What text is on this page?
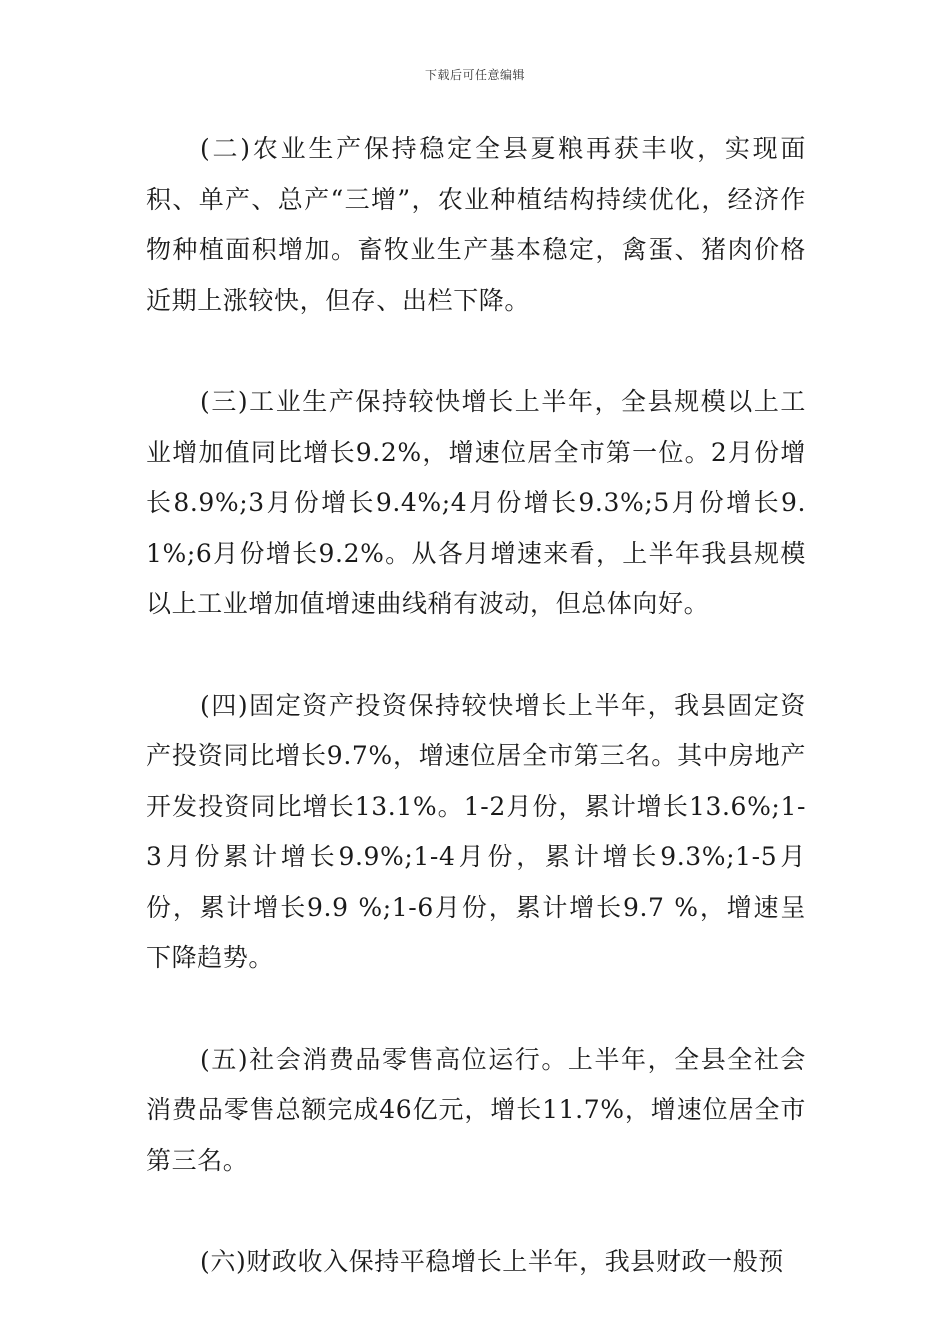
下载后可任意编辑

(二)农业生产保持稳定全县夏粮再获丰收，实现面积、单产、总产“三增”，农业种植结构持续优化，经济作物种植面积增加。畜牧业生产基本稳定，禽蛋、猪肉价格近期上涨较快，但存、出栏下降。

(三)工业生产保持较快增长上半年，全县规模以上工业增加值同比增长9.2%，增速位居全市第一位。2月份增长8.9%;3月份增长9.4%;4月份增长9.3%;5月份增长9.1%;6月份增长9.2%。从各月增速来看，上半年我县规模以上工业增加值增速曲线稍有波动，但总体向好。

(四)固定资产投资保持较快增长上半年，我县固定资产投资同比增长9.7%，增速位居全市第三名。其中房地产开发投资同比增长13.1%。1-2月份，累计增长13.6%;1-3月份累计增长9.9%;1-4月份，累计增长9.3%;1-5月份，累计增长9.9 %;1-6月份，累计增长9.7 %，增速呈下降趋势。

(五)社会消费品零售高位运行。上半年，全县全社会消费品零售总额完成46亿元，增长11.7%，增速位居全市第三名。

(六)财政收入保持平稳增长上半年，我县财政一般预
